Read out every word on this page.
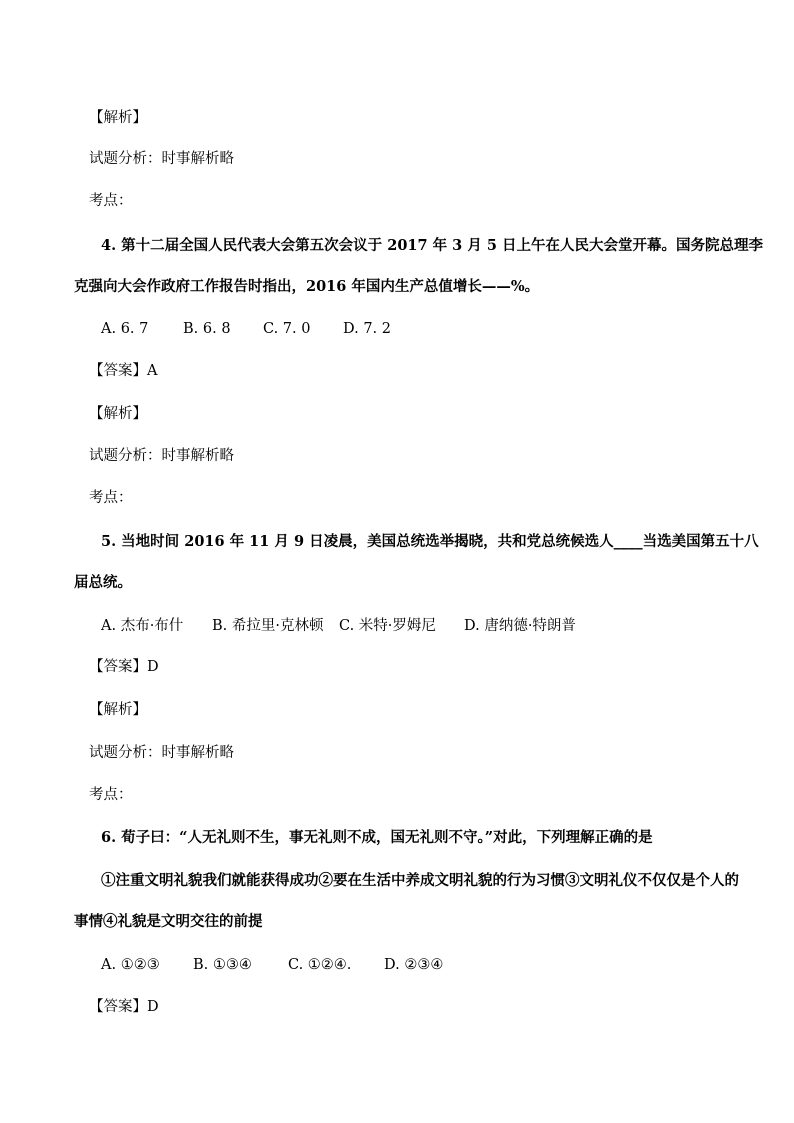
【解析】
试题分析：时事解析略
考点：
4. 第十二届全国人民代表大会第五次会议于 2017 年 3 月 5 日上午在人民大会堂开幕。国务院总理李
克强向大会作政府工作报告时指出，2016 年国内生产总值增长——%。
A. 6. 7 B. 6. 8 C. 7. 0 D. 7. 2
【答案】A
【解析】
试题分析：时事解析略
考点：
5. 当地时间 2016 年 11 月 9 日凌晨，美国总统选举揭晓，共和党总统候选人____当选美国第五十八
届总统。
A. 杰布·布什 B. 希拉里·克林顿 C. 米特·罗姆尼 D. 唐纳德·特朗普
【答案】D
【解析】
试题分析：时事解析略
考点：
6. 荀子曰：“人无礼则不生，事无礼则不成，国无礼则不守。”对此，下列理解正确的是
①注重文明礼貌我们就能获得成功②要在生活中养成文明礼貌的行为习惯③文明礼仪不仅仅是个人的
事情④礼貌是文明交往的前提
A. ①②③ B. ①③④ C. ①②④. D. ②③④
【答案】D
